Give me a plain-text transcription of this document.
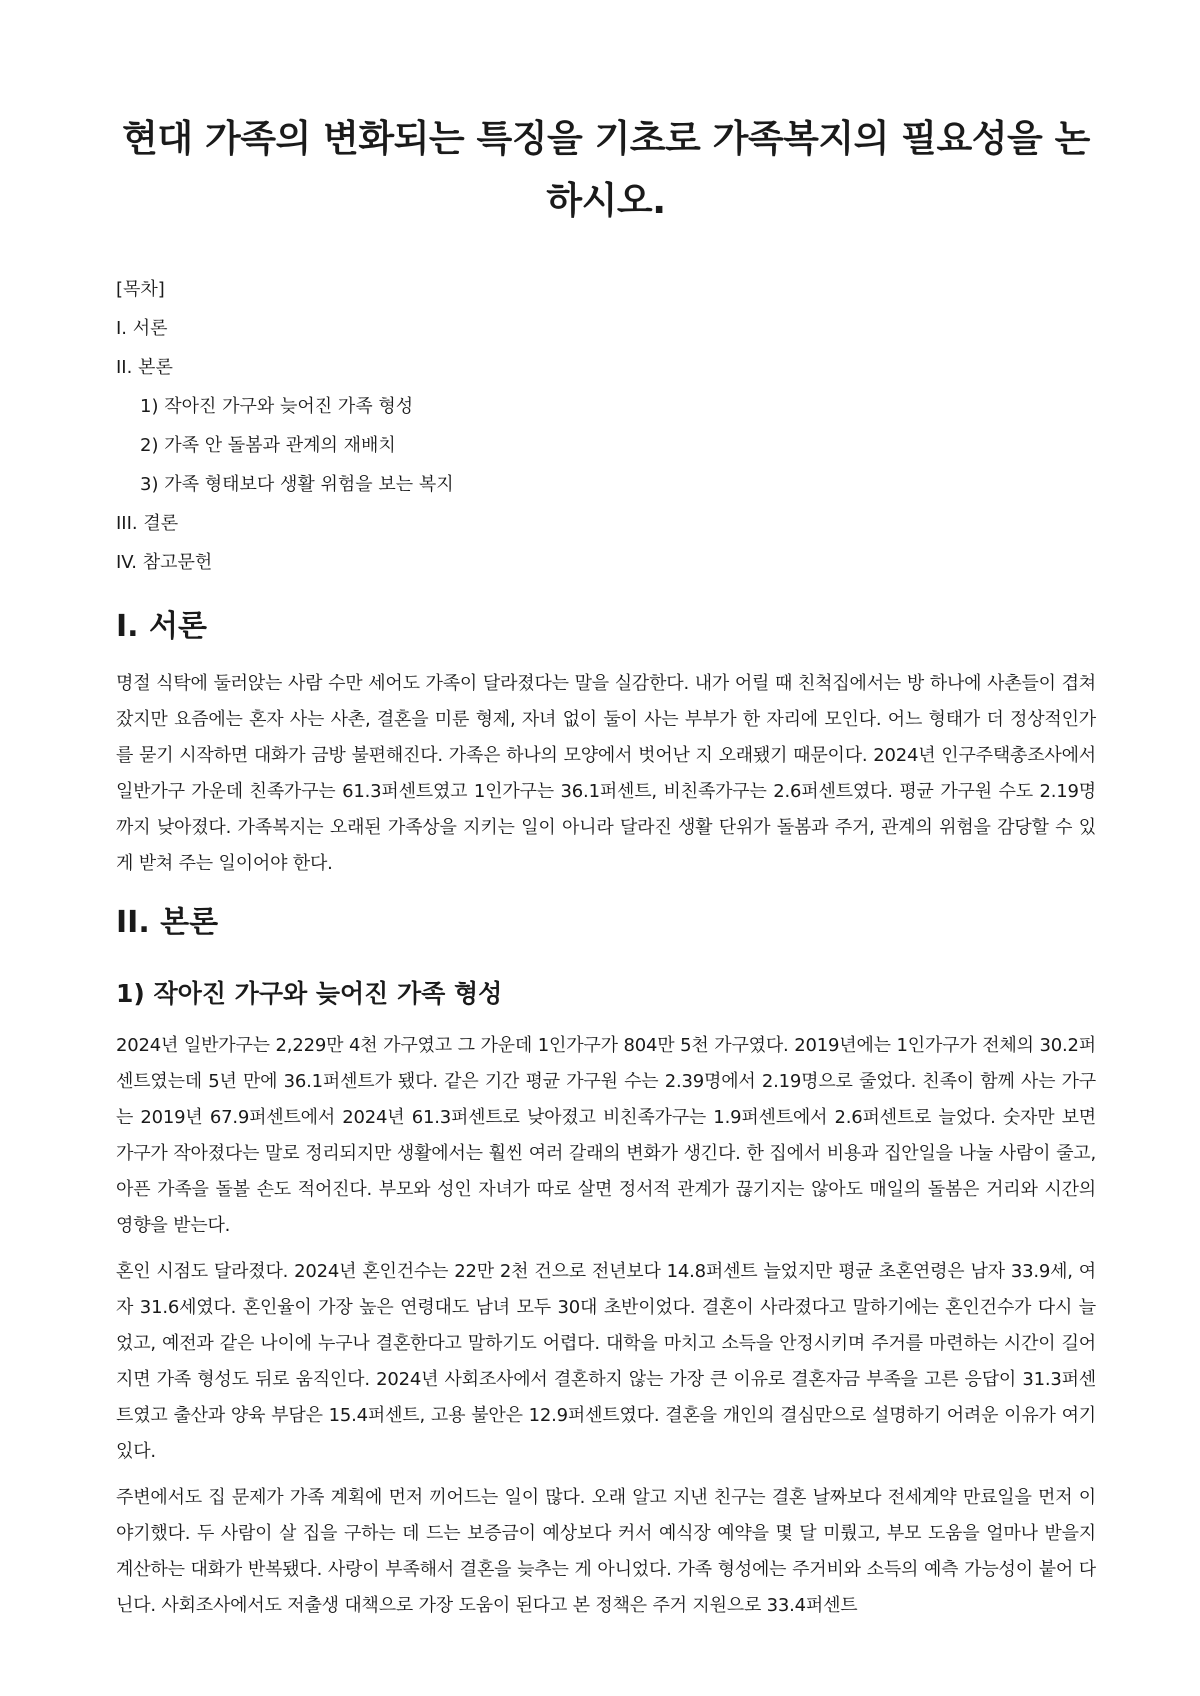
현대 가족의 변화되는 특징을 기초로 가족복지의 필요성을 논하시오.
[목차]
I. 서론
II. 본론
1) 작아진 가구와 늦어진 가족 형성
2) 가족 안 돌봄과 관계의 재배치
3) 가족 형태보다 생활 위험을 보는 복지
III. 결론
IV. 참고문헌
I. 서론

명절 식탁에 둘러앉는 사람 수만 세어도 가족이 달라졌다는 말을 실감한다. 내가 어릴 때 친척집에서는 방 하나에 사촌들이 겹쳐 잤지만 요즘에는 혼자 사는 사촌, 결혼을 미룬 형제, 자녀 없이 둘이 사는 부부가 한 자리에 모인다. 어느 형태가 더 정상적인가를 묻기 시작하면 대화가 금방 불편해진다. 가족은 하나의 모양에서 벗어난 지 오래됐기 때문이다. 2024년 인구주택총조사에서 일반가구 가운데 친족가구는 61.3퍼센트였고 1인가구는 36.1퍼센트, 비친족가구는 2.6퍼센트였다. 평균 가구원 수도 2.19명까지 낮아졌다. 가족복지는 오래된 가족상을 지키는 일이 아니라 달라진 생활 단위가 돌봄과 주거, 관계의 위험을 감당할 수 있게 받쳐 주는 일이어야 한다.

II. 본론
1) 작아진 가구와 늦어진 가족 형성

2024년 일반가구는 2,229만 4천 가구였고 그 가운데 1인가구가 804만 5천 가구였다. 2019년에는 1인가구가 전체의 30.2퍼센트였는데 5년 만에 36.1퍼센트가 됐다. 같은 기간 평균 가구원 수는 2.39명에서 2.19명으로 줄었다. 친족이 함께 사는 가구는 2019년 67.9퍼센트에서 2024년 61.3퍼센트로 낮아졌고 비친족가구는 1.9퍼센트에서 2.6퍼센트로 늘었다. 숫자만 보면 가구가 작아졌다는 말로 정리되지만 생활에서는 훨씬 여러 갈래의 변화가 생긴다. 한 집에서 비용과 집안일을 나눌 사람이 줄고, 아픈 가족을 돌볼 손도 적어진다. 부모와 성인 자녀가 따로 살면 정서적 관계가 끊기지는 않아도 매일의 돌봄은 거리와 시간의 영향을 받는다.

혼인 시점도 달라졌다. 2024년 혼인건수는 22만 2천 건으로 전년보다 14.8퍼센트 늘었지만 평균 초혼연령은 남자 33.9세, 여자 31.6세였다. 혼인율이 가장 높은 연령대도 남녀 모두 30대 초반이었다. 결혼이 사라졌다고 말하기에는 혼인건수가 다시 늘었고, 예전과 같은 나이에 누구나 결혼한다고 말하기도 어렵다. 대학을 마치고 소득을 안정시키며 주거를 마련하는 시간이 길어지면 가족 형성도 뒤로 움직인다. 2024년 사회조사에서 결혼하지 않는 가장 큰 이유로 결혼자금 부족을 고른 응답이 31.3퍼센트였고 출산과 양육 부담은 15.4퍼센트, 고용 불안은 12.9퍼센트였다. 결혼을 개인의 결심만으로 설명하기 어려운 이유가 여기 있다.

주변에서도 집 문제가 가족 계획에 먼저 끼어드는 일이 많다. 오래 알고 지낸 친구는 결혼 날짜보다 전세계약 만료일을 먼저 이야기했다. 두 사람이 살 집을 구하는 데 드는 보증금이 예상보다 커서 예식장 예약을 몇 달 미뤘고, 부모 도움을 얼마나 받을지 계산하는 대화가 반복됐다. 사랑이 부족해서 결혼을 늦추는 게 아니었다. 가족 형성에는 주거비와 소득의 예측 가능성이 붙어 다닌다. 사회조사에서도 저출생 대책으로 가장 도움이 된다고 본 정책은 주거 지원으로 33.4퍼센트
